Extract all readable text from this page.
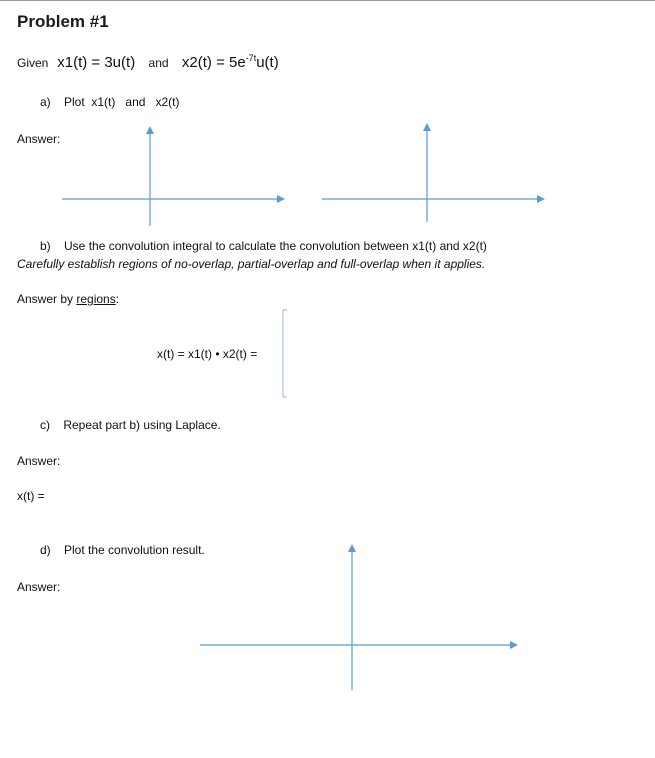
Problem #1
Given x1(t) = 3u(t) and $x2(t) = 5e^{-7t}u(t)$
a) Plot x1(t) and x2(t)
Answer:
b) Use the convolution integral to calculate the convolution between x1(t) and x2(t)
Carefully establish regions of no-overlap, partial-overlap and full-overlap when it applies.
Answer by regions:
x(t) = x1(t) • x2(t) =
c) Repeat part b) using Laplace.
Answer:
x(t) =
d) Plot the convolution result.
Answer:
